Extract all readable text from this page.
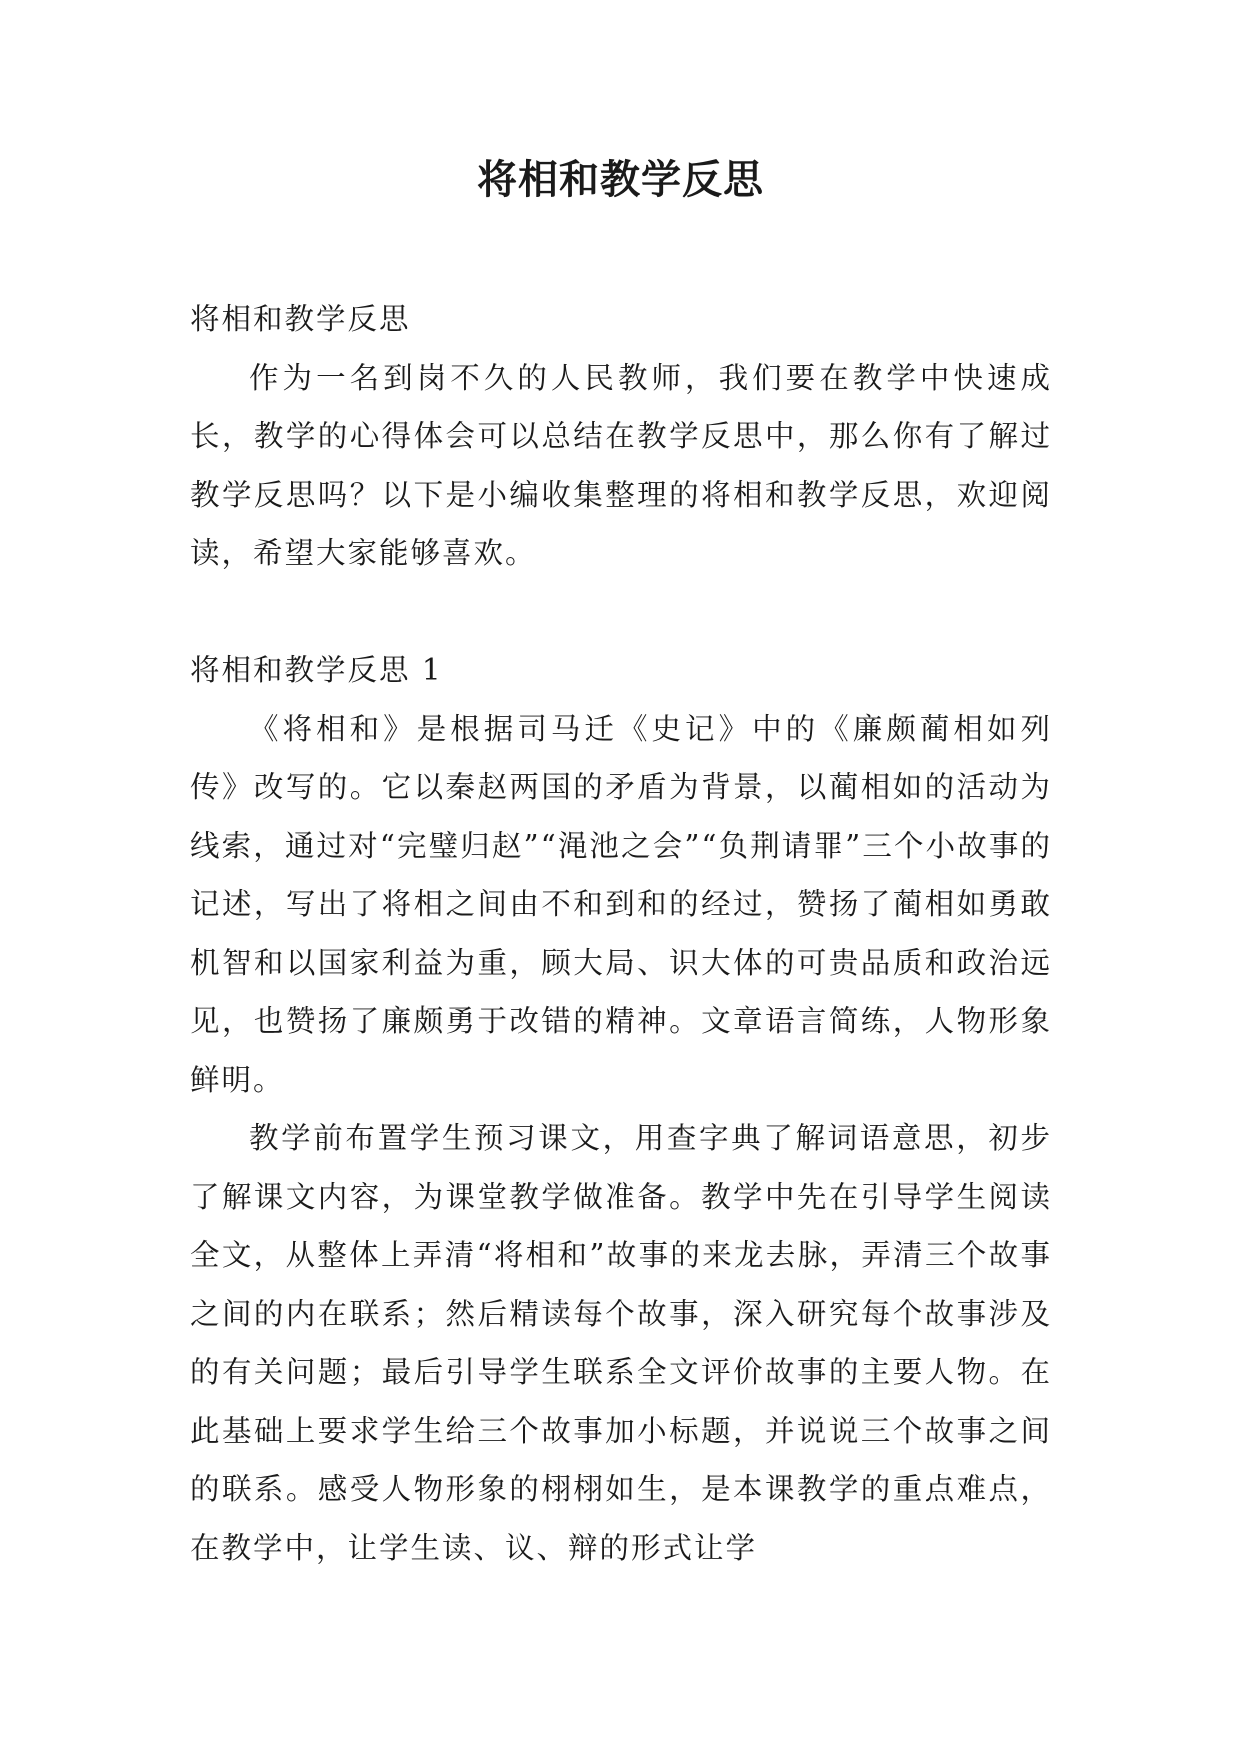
将相和教学反思

将相和教学反思

作为一名到岗不久的人民教师，我们要在教学中快速成长，教学的心得体会可以总结在教学反思中，那么你有了解过教学反思吗？以下是小编收集整理的将相和教学反思，欢迎阅读，希望大家能够喜欢。

将相和教学反思 1

《将相和》是根据司马迁《史记》中的《廉颇蔺相如列传》改写的。它以秦赵两国的矛盾为背景，以蔺相如的活动为线索，通过对“完璧归赵”“渑池之会”“负荆请罪”三个小故事的记述，写出了将相之间由不和到和的经过，赞扬了蔺相如勇敢机智和以国家利益为重，顾大局、识大体的可贵品质和政治远见，也赞扬了廉颇勇于改错的精神。文章语言简练，人物形象鲜明。

教学前布置学生预习课文，用查字典了解词语意思，初步了解课文内容，为课堂教学做准备。教学中先在引导学生阅读全文，从整体上弄清“将相和”故事的来龙去脉，弄清三个故事之间的内在联系；然后精读每个故事，深入研究每个故事涉及的有关问题；最后引导学生联系全文评价故事的主要人物。在此基础上要求学生给三个故事加小标题，并说说三个故事之间的联系。感受人物形象的栩栩如生，是本课教学的重点难点，在教学中，让学生读、议、辩的形式让学
